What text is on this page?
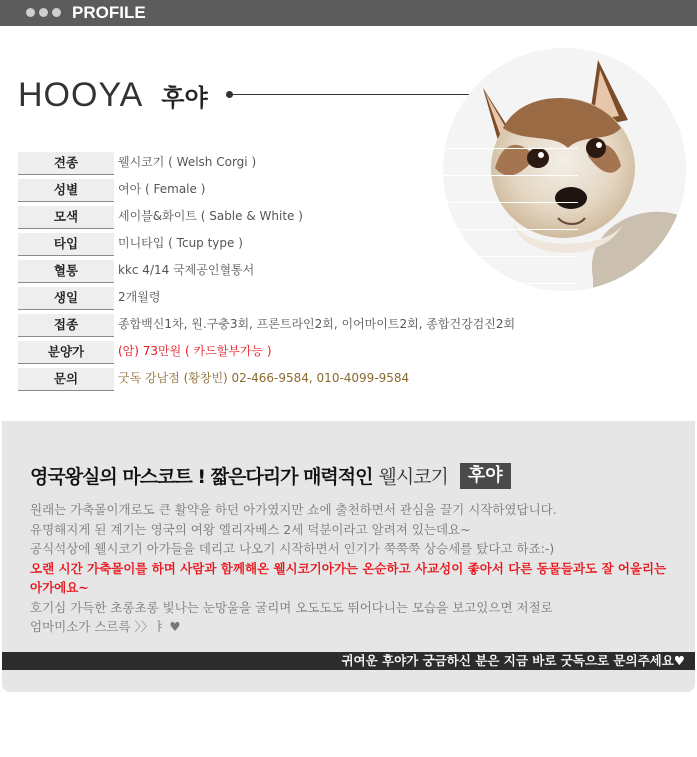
PROFILE
HOOYA 후야
견종	웰시코기 ( Welsh Corgi )
성별	여아 ( Female )
모색	세이블&화이트 ( Sable & White )
타입	미니타입 ( Tcup type )
혈통	kkc 4/14 국제공인혈통서
생일	2개월령
접종	종합백신1차, 원.구충3회, 프론트라인2회, 이어마이트2회, 종합건강검진2회
분양가	(암) 73만원 ( 카드할부가능 )
문의	굿독 강남점 (황창빈) 02-466-9584, 010-4099-9584
영국왕실의 마스코트 ! 짧은다리가 매력적인 웰시코기	후야

원래는 가축몰이개로도 큰 활약을 하던 아가였지만 쇼에 출천하면서 관심을 끌기 시작하였답니다.

유명해지게 된 계기는 영국의 여왕 엘리자베스 2세 덕분이라고 알려져 있는데요~

공식석상에 웰시코기 아가들을 데리고 나오기 시작하면서 인기가 쭉쭉쭉 상승세를 탔다고 하죠:-)

오랜 시간 가축몰이를 하며 사람과 함께해온 웰시코기아가는 온순하고 사교성이 좋아서 다른 동물들과도 잘 어울리는 아가에요~

호기심 가득한 초롱초롱 빛나는 눈망울을 굴리며 오도도도 뛰어다니는 모습을 보고있으면 저절로

엄마미소가 스르륵 〉〉ㅑ ♥

귀여운 후야가 궁금하신 분은 지금 바로 굿독으로 문의주세요♥
